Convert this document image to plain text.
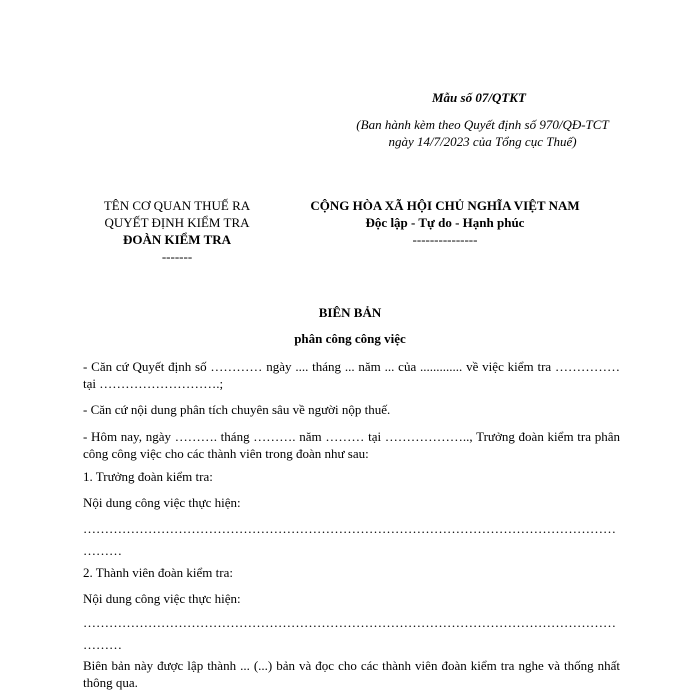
Mẫu số 07/QTKT
(Ban hành kèm theo Quyết định số 970/QĐ-TCT
ngày 14/7/2023 của Tổng cục Thuế)
TÊN CƠ QUAN THUẾ RA
QUYẾT ĐỊNH KIỂM TRA
ĐOÀN KIỂM TRA
-------
CỘNG HÒA XÃ HỘI CHỦ NGHĨA VIỆT NAM
Độc lập - Tự do - Hạnh phúc
---------------
BIÊN BẢN
phân công công việc
- Căn cứ Quyết định số ………… ngày .... tháng ... năm ... của ............. về việc kiểm tra …………… tại ……………………….;
- Căn cứ nội dung phân tích chuyên sâu về người nộp thuế.
- Hôm nay, ngày ………. tháng ………. năm ……… tại ……………….., Trưởng đoàn kiểm tra phân công công việc cho các thành viên trong đoàn như sau:
1. Trưởng đoàn kiểm tra:
Nội dung công việc thực hiện:
……………………………………………………………………………………………………………………
2. Thành viên đoàn kiểm tra:
Nội dung công việc thực hiện:
……………………………………………………………………………………………………………………
Biên bản này được lập thành ... (...) bản và đọc cho các thành viên đoàn kiểm tra nghe và thống nhất thông qua.
